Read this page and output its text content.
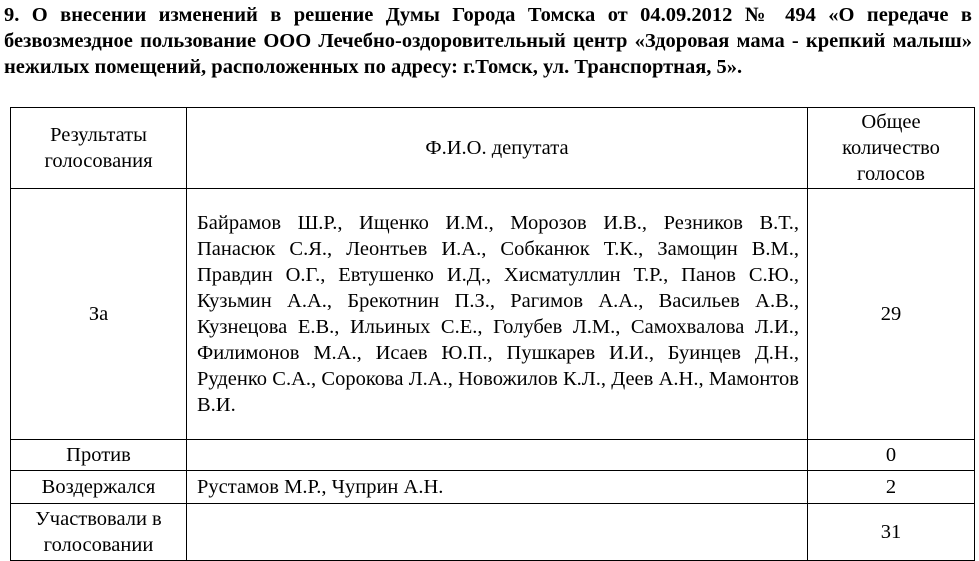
9. О внесении изменений в решение Думы Города Томска от 04.09.2012 № 494 «О передаче в безвозмездное пользование ООО Лечебно-оздоровительный центр «Здоровая мама - крепкий малыш» нежилых помещений, расположенных по адресу: г.Томск, ул. Транспортная, 5».
Результаты голосования	Ф.И.О. депутата	Общее количество голосов
За	Байрамов Ш.Р., Ищенко И.М., Морозов И.В., Резников В.Т., Панасюк С.Я., Леонтьев И.А., Собканюк Т.К., Замощин В.М., Правдин О.Г., Евтушенко И.Д., Хисматуллин Т.Р., Панов С.Ю., Кузьмин А.А., Брекотнин П.З., Рагимов А.А., Васильев А.В., Кузнецова Е.В., Ильиных С.Е., Голубев Л.М., Самохвалова Л.И., Филимонов М.А., Исаев Ю.П., Пушкарев И.И., Буинцев Д.Н., Руденко С.А., Сорокова Л.А., Новожилов К.Л., Деев А.Н., Мамонтов В.И.	29
Против		0
Воздержался	Рустамов М.Р., Чуприн А.Н.	2
Участвовали в голосовании		31
